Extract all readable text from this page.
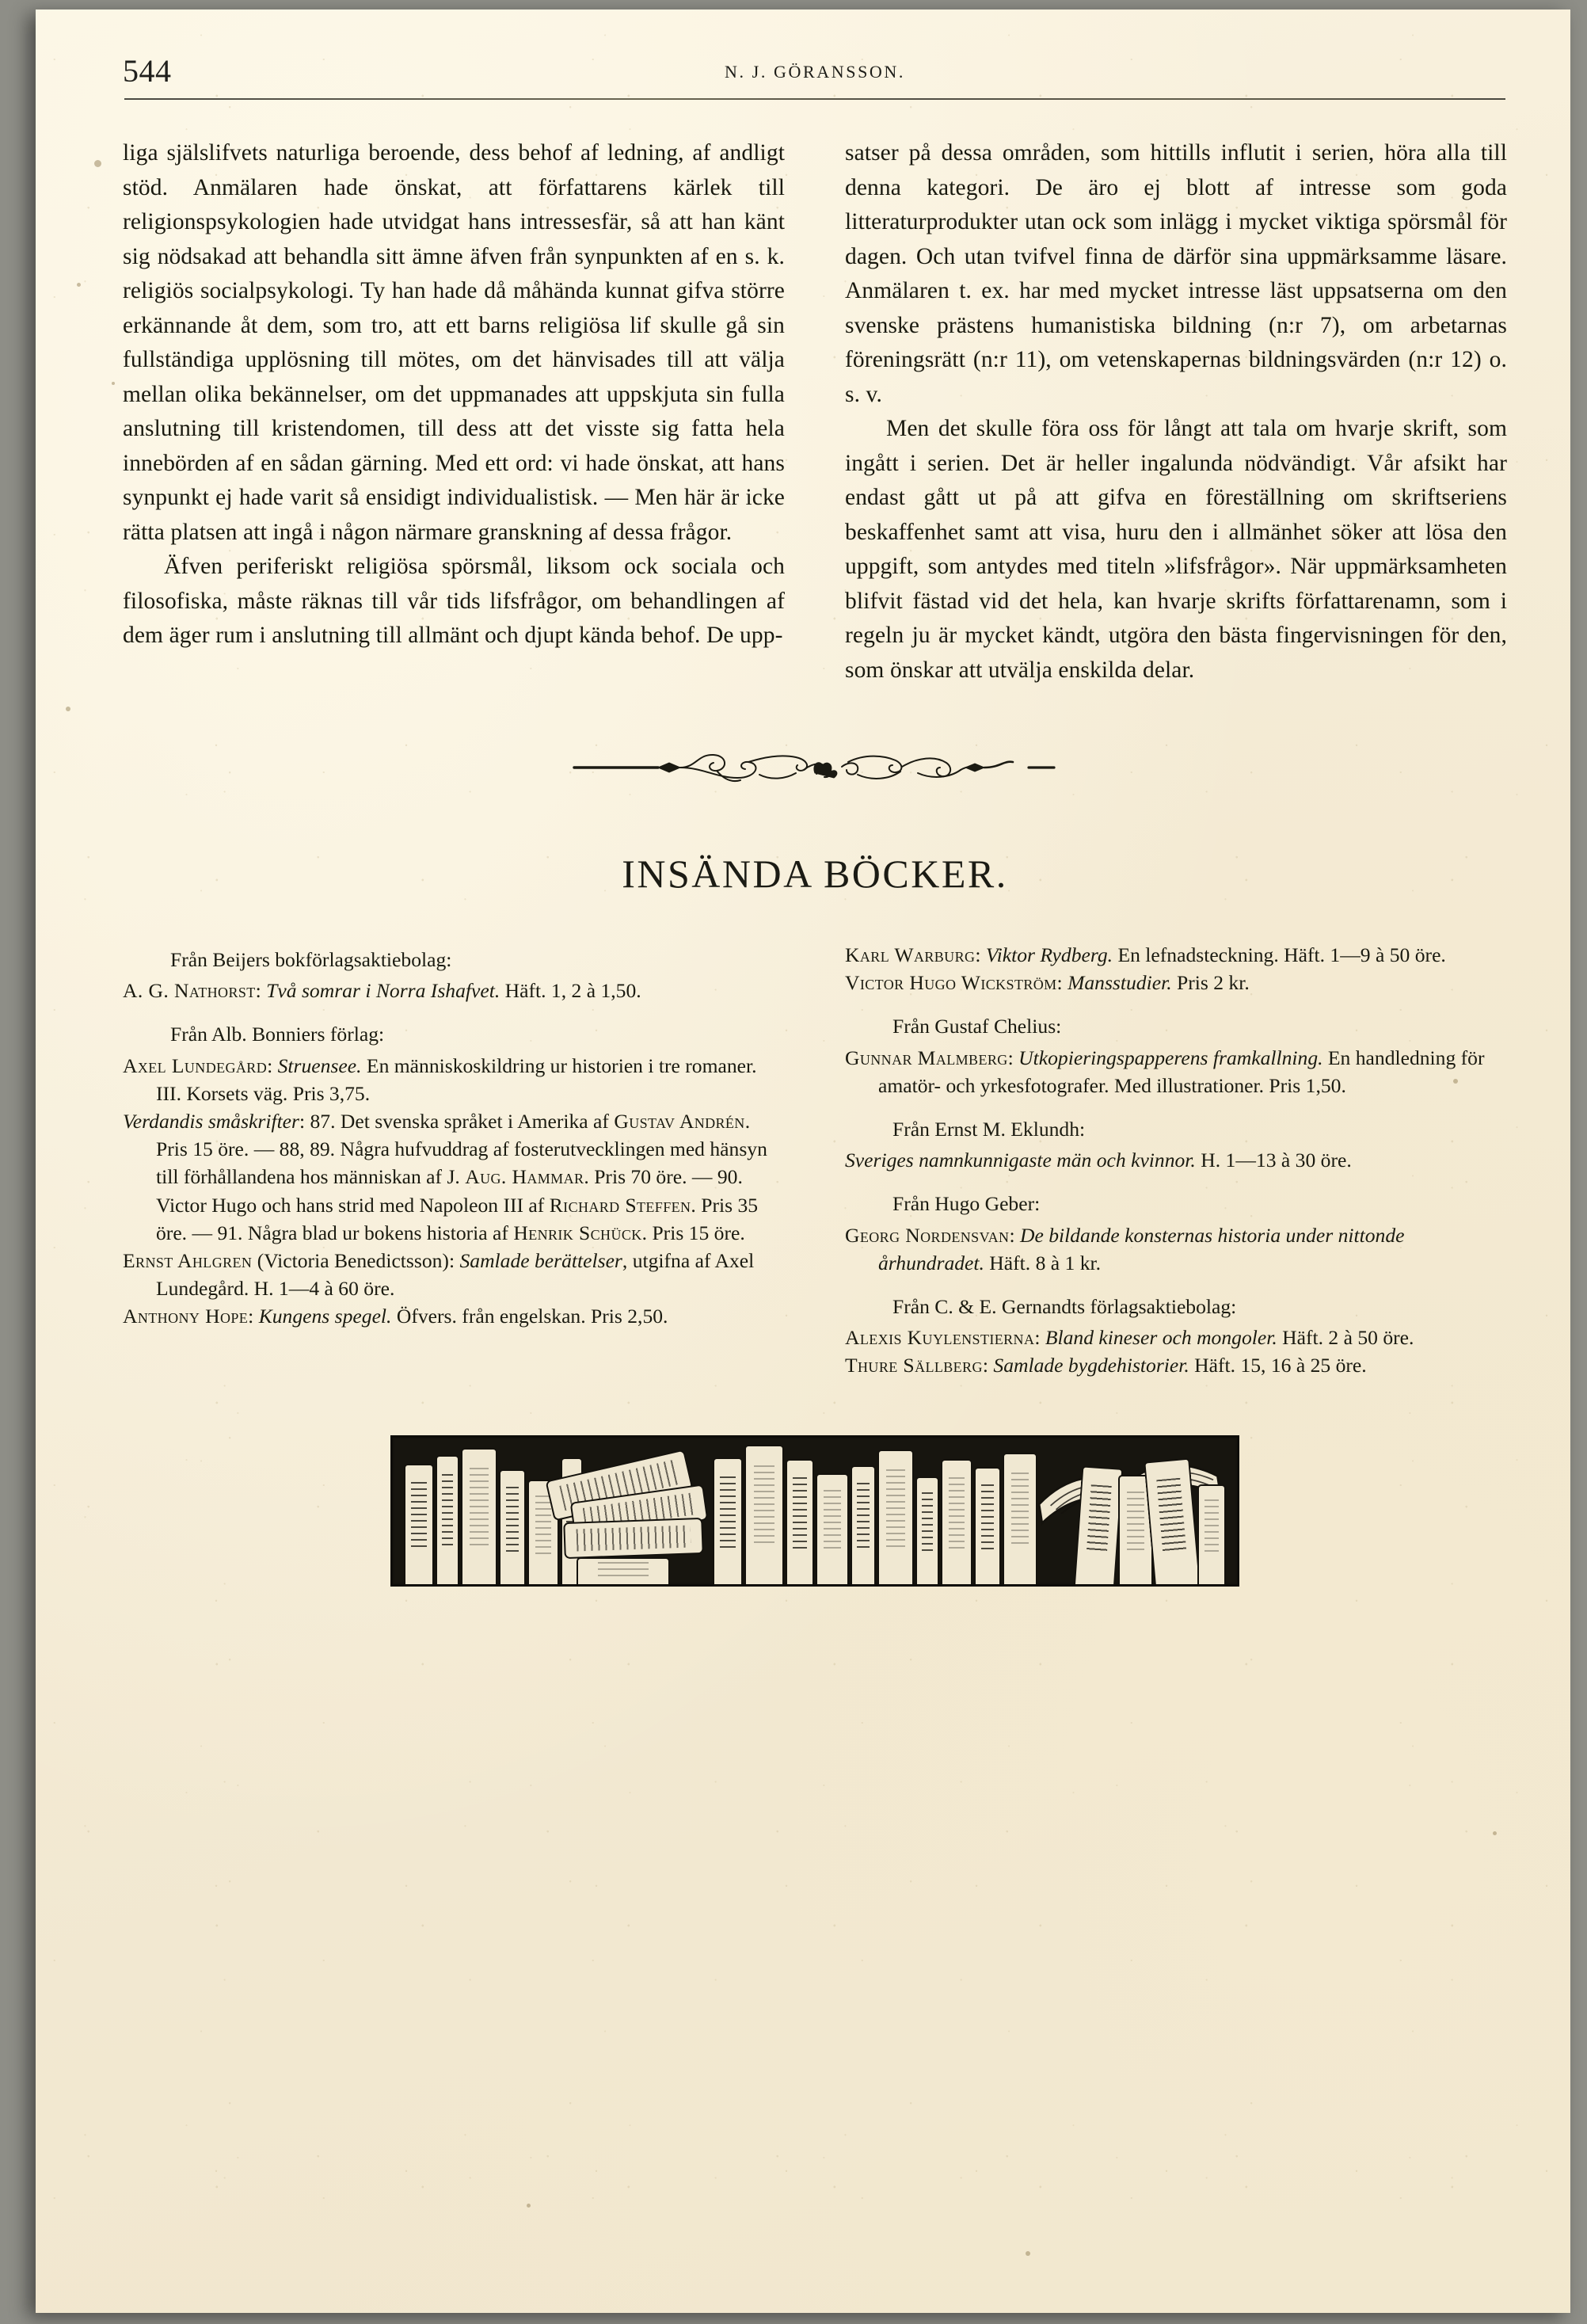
544	N. J. GÖRANSSON.

liga själslifvets naturliga beroende, dess behof af ledning, af andligt stöd. Anmälaren hade önskat, att författarens kärlek till religionspsykologien hade utvidgat hans intressesfär, så att han känt sig nödsakad att behandla sitt ämne äfven från synpunkten af en s. k. religiös socialpsykologi. Ty han hade då måhända kunnat gifva större erkännande åt dem, som tro, att ett barns religiösa lif skulle gå sin fullständiga upplösning till mötes, om det hänvisades till att välja mellan olika bekännelser, om det uppmanades att uppskjuta sin fulla anslutning till kristendomen, till dess att det visste sig fatta hela innebörden af en sådan gärning. Med ett ord: vi hade önskat, att hans synpunkt ej hade varit så ensidigt individualistisk. — Men här är icke rätta platsen att ingå i någon närmare granskning af dessa frågor.

Äfven periferiskt religiösa spörsmål, liksom ock sociala och filosofiska, måste räknas till vår tids lifsfrågor, om behandlingen af dem äger rum i anslutning till allmänt och djupt kända behof. De upp-

satser på dessa områden, som hittills influtit i serien, höra alla till denna kategori. De äro ej blott af intresse som goda litteraturprodukter utan ock som inlägg i mycket viktiga spörsmål för dagen. Och utan tvifvel finna de därför sina uppmärksamme läsare. Anmälaren t. ex. har med mycket intresse läst uppsatserna om den svenske prästens humanistiska bildning (n:r 7), om arbetarnas föreningsrätt (n:r 11), om vetenskapernas bildningsvärden (n:r 12) o. s. v.

Men det skulle föra oss för långt att tala om hvarje skrift, som ingått i serien. Det är heller ingalunda nödvändigt. Vår afsikt har endast gått ut på att gifva en föreställning om skriftseriens beskaffenhet samt att visa, huru den i allmänhet söker att lösa den uppgift, som antydes med titeln »lifsfrågor». När uppmärksamheten blifvit fästad vid det hela, kan hvarje skrifts författarenamn, som i regeln ju är mycket kändt, utgöra den bästa fingervisningen för den, som önskar att utvälja enskilda delar.

INSÄNDA BÖCKER.

Från Beijers bokförlagsaktiebolag:

A. G. Nathorst: Två somrar i Norra Ishafvet. Häft. 1, 2 à 1,50.

Från Alb. Bonniers förlag:

Axel Lundegård: Struensee. En människoskildring ur historien i tre romaner. III. Korsets väg. Pris 3,75.

Verdandis småskrifter: 87. Det svenska språket i Amerika af Gustav Andrén. Pris 15 öre. — 88, 89. Några hufvuddrag af fosterutvecklingen med hänsyn till förhållandena hos människan af J. Aug. Hammar. Pris 70 öre. — 90. Victor Hugo och hans strid med Napoleon III af Richard Steffen. Pris 35 öre. — 91. Några blad ur bokens historia af Henrik Schück. Pris 15 öre.

Ernst Ahlgren (Victoria Benedictsson): Samlade berättelser, utgifna af Axel Lundegård. H. 1—4 à 60 öre.

Anthony Hope: Kungens spegel. Öfvers. från engelskan. Pris 2,50.

Karl Warburg: Viktor Rydberg. En lefnadsteckning. Häft. 1—9 à 50 öre.

Victor Hugo Wickström: Mansstudier. Pris 2 kr.

Från Gustaf Chelius:

Gunnar Malmberg: Utkopieringspapperens framkallning. En handledning för amatör- och yrkesfotografer. Med illustrationer. Pris 1,50.

Från Ernst M. Eklundh:

Sveriges namnkunnigaste män och kvinnor. H. 1—13 à 30 öre.

Från Hugo Geber:

Georg Nordensvan: De bildande konsternas historia under nittonde århundradet. Häft. 8 à 1 kr.

Från C. & E. Gernandts förlagsaktiebolag:

Alexis Kuylenstierna: Bland kineser och mongoler. Häft. 2 à 50 öre.

Thure Sällberg: Samlade bygdehistorier. Häft. 15, 16 à 25 öre.
